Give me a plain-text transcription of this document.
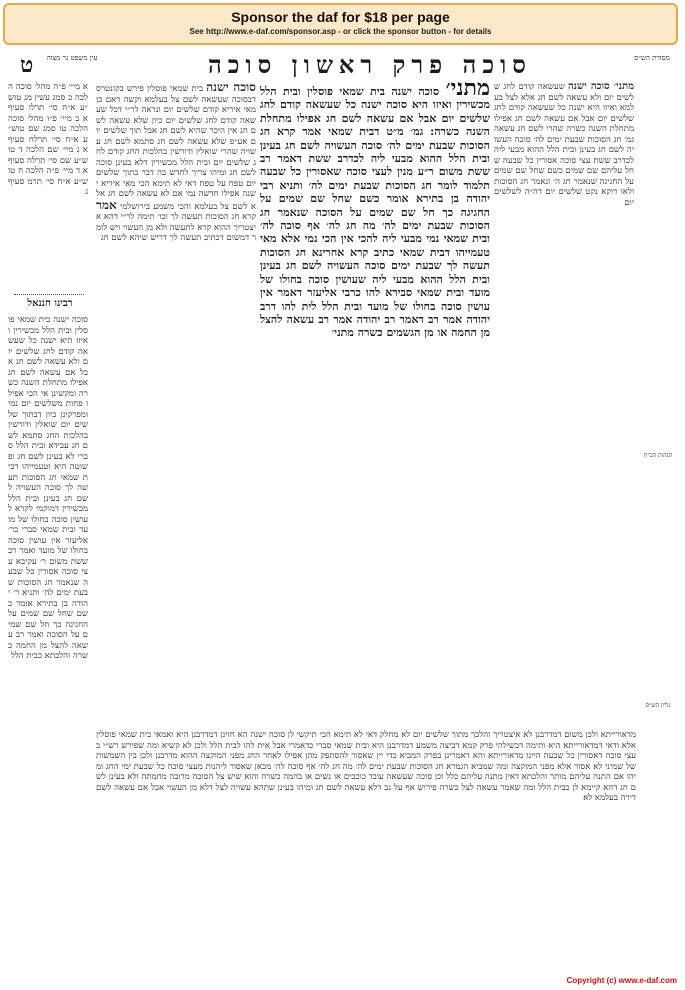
Sponsor the daf for $18 per page
See http://www.e-daf.com/sponsor.asp - or click the sponsor button - for details
מסורת הש״ס
סוכה פרק ראשון סוכה
עין משפט נר מצוה
ט
הגהות הב״ח
גליון הש״ס
מתני׳ סוכה ישנה שעשאה קודם לחג שלשים יום ולא עשאה לשם חג אלא לצל בעלמא ואיזו היא ישנה כל שעשאה קודם לחג שלשים יום אבל אם עשאה לשם חג אפילו מתחלת השנה כשרה שהרי לשם חג עשאה גמ׳ חג הסוכות שבעת ימים לה׳ סוכה העשויה לשם חג בעינן ובית הלל ההוא מבעי ליה לכדרב ששת עצי סוכה אסורין כל שבעה שחל עליהם שם שמים כשם שחל שם שמים על החגיגה שנאמר חג ה׳ ונאמר חג הסוכות ולאו דוקא נקט שלשים יום דה״ה לשלשים יום
מתני׳ סוכה ישנה בית שמאי פוסלין ובית הלל מכשירין ואיזו היא סוכה ישנה כל שעשאה קודם לחג שלשים יום אבל אם עשאה לשם חג אפילו מתחלת השנה כשרה: גמ׳ מ״ט דבית שמאי אמר קרא חג הסוכות שבעת ימים לה׳ סוכה העשויה לשם חג בעינן ובית הלל ההוא מבעי ליה לכדרב ששת דאמר רב ששת משום ר״ע מנין לעצי סוכה שאסורין כל שבעה תלמוד לומר חג הסוכות שבעת ימים לה׳ ותניא רבי יהודה בן בתירא אומר כשם שחל שם שמים על החגיגה כך חל שם שמים על הסוכה שנאמר חג הסוכות שבעת ימים לה׳ מה חג לה׳ אף סוכה לה׳ ובית שמאי נמי מבעי ליה להכי אין הכי נמי אלא מאי טעמייהו דבית שמאי כתיב קרא אחרינא חג הסוכות תעשה לך שבעת ימים סוכה העשויה לשם חג בעינן ובית הלל ההוא מבעי ליה שעושין סוכה בחולו של מועד ובית שמאי סבירא להו כרבי אליעזר דאמר אין עושין סוכה בחולו של מועד ובית הלל לית להו דרב יהודה אמר רב דאמר רב יהודה אמר רב עשאה להצל מן החמה או מן הגשמים כשרה מתני׳
סוכה ישנה בית שמאי פוסלין פירש בקונטרס דבסוכה שעשאה לשם צל בעלמא וקשה דאם כן מאי איריא קודם שלשים יום ונראה לר״י דכל שעשאה קודם לחג שלשים יום כיון שלא עשאה לשם חג אין היכר שהיא לשם חג אבל תוך שלשים יום אע״פ שלא עשאה לשם חג סתמא לשם חג עשויה שהרי שואלין ודורשין בהלכות החג קודם לחג שלשים יום ובית הלל מכשירין דלא בעינן סוכה לשם חג ומיהו צריך לחדש בה דבר בתוך שלשים יום טפח על טפח דאי לא תימא הכי מאי איריא ישנה אפילו חדשה נמי אם לא עשאה לשם חג אלא לשם צל בעלמא והכי משמע בירושלמי אמר קרא חג הסוכות תעשה לך וכו׳ תימה לר״י דהא איצטריך ההוא קרא לתעשה ולא מן העשוי ויש לומר דמשום דכתיב תעשה לך דריש שיהא לשם חג
א מיי׳ פ״ה מהל׳ סוכה הלכה כ סמג עשין מג טוש״ע א״ח סי׳ תרלו סעיף א ב מיי׳ פ״ו מהל׳ סוכה הלכה טו סמג שם טוש״ע א״ח סי׳ תרלח סעיף א ג מיי׳ שם הלכה ד טוש״ע שם סי׳ תרלה סעיף א ד מיי׳ פ״ה הלכה ח טוש״ע א״ח סי׳ תרמ סעיף ג
רבינו חננאל
סוכה ישנה בית שמאי פוסלין ובית הלל מכשירין ואיזו היא ישנה כל שעשאה קודם לחג שלשים יום ולא עשאה לשם חג אבל אם עשאה לשם חג אפילו מתחלת השנה כשרה ומקשינן אי הכי אפילו פחות משלשים יום נמי ומפרקינן כיון דבתוך שלשים יום שואלין ודורשין בהלכות החג סתמא לשם חג עבידא ובית הלל סברי לא בעינן לשם חג ופשוטה היא וטעמייהו דבית שמאי חג הסוכות תעשה לך סוכה העשויה לשם חג בעינן ובית הלל מכשירין דמוקמי לקרא לעושין סוכה בחולו של מועד ובית שמאי סברי כר׳ אליעזר אין עושין סוכה בחולו של מועד ואמר רב ששת משום ר׳ עקיבא עצי סוכה אסורין כל שבעה שנאמר חג הסוכות שבעת ימים לה׳ ותניא ר׳ יהודה בן בתירא אומר כשם שחל שם שמים על החגיגה כך חל שם שמים על הסוכה ואמר רב עשאה להצל מן החמה כשרה והלכתא כבית הלל
מדאורייתא ולכן משום דמדרבנן לא איצטריך והלכך מתוך שלשים יום לא מחלק דאי לא תימא הכי תיקשי לן סוכה ישנה הא חזינן דמדרבנן היא ואמאי בית שמאי פוסלין אלא ודאי דמדאורייתא היא ותימה דבשילהי פרק קמא דביצה משמע דמדרבנן היא ובית שמאי סברי כדאמרי אבל אית להו לבית הלל ולכן לא קשיא ומה שפירש רש״י בעצי סוכה דאסורין כל שבעה היינו מדאורייתא והא דאמרינן בפרק המביא כדי יין שאסור להסתפק מהן אפילו לאחר החג מפני המוקצה ההוא מדרבנן ולכן בין השמשות של שמיני לא אסור אלא מפני המוקצה ומה שמביא הגמרא חג הסוכות שבעת ימים לה׳ מה חג לה׳ אף סוכה לה׳ מכאן שאסור ליהנות מעצי סוכה כל שבעת ימי החג ומיהו אם התנה עליהם מותר והלכתא דאין מתנה עליהם כלל וכן סוכה שעשאה עובד כוכבים או נשים או בהמה כשרה והוא שיש צל הסוכה מרובה מחמתה ולא בעינן לשם חג דהא קיימא לן כבית הלל ומה שאמר עשאה לצל כשרה פירוש אף על גב דלא עשאה לשם חג ומיהו בעינן שתהא עשויה לצל דלא מן העשוי אבל אם עשאה לשם דירה בעלמא לא
Copyright (c) www.e-daf.com
